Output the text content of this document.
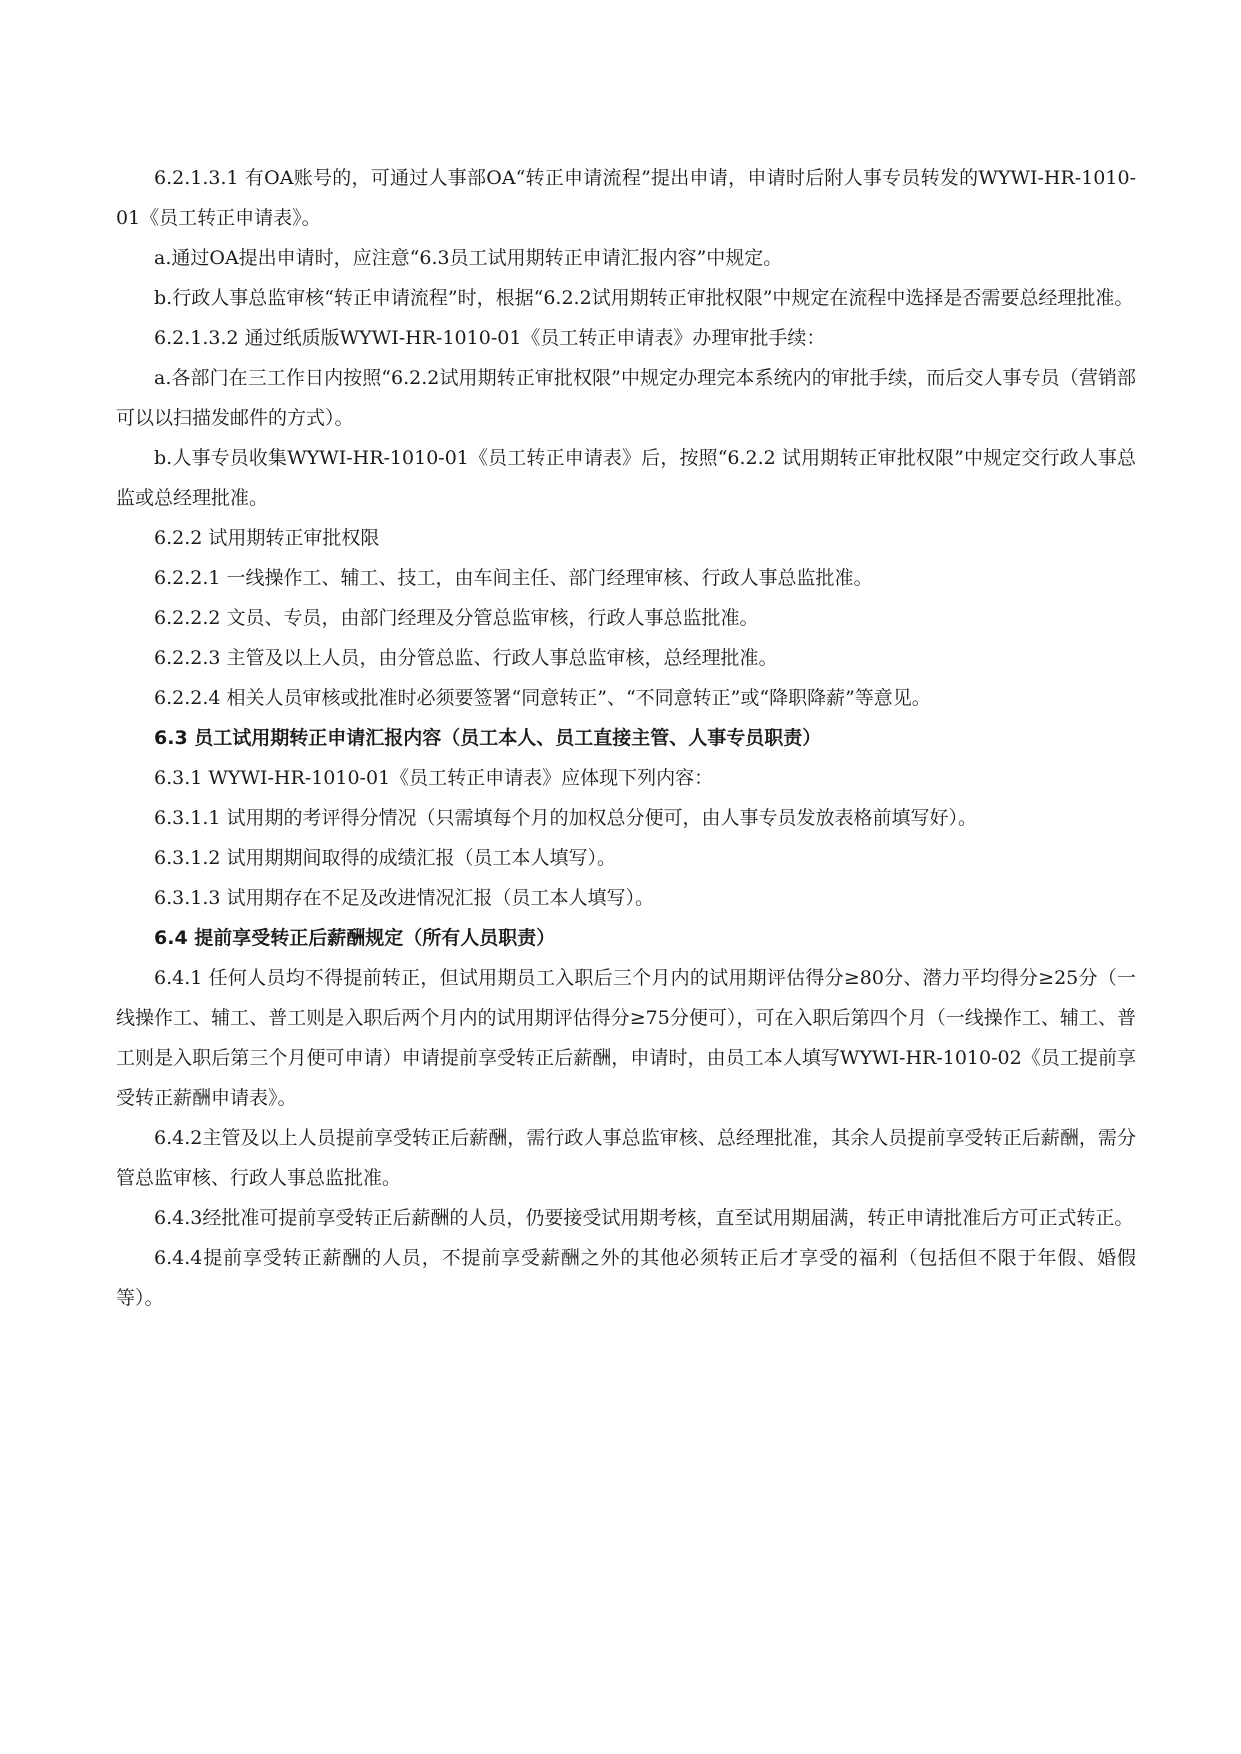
6.2.1.3.1 有OA账号的，可通过人事部OA“转正申请流程”提出申请，申请时后附人事专员转发的WYWI-HR-1010-01《员工转正申请表》。

a.通过OA提出申请时，应注意“6.3员工试用期转正申请汇报内容”中规定。

b.行政人事总监审核“转正申请流程”时，根据“6.2.2试用期转正审批权限”中规定在流程中选择是否需要总经理批准。

6.2.1.3.2 通过纸质版WYWI-HR-1010-01《员工转正申请表》办理审批手续：

a.各部门在三工作日内按照“6.2.2试用期转正审批权限”中规定办理完本系统内的审批手续，而后交人事专员（营销部可以以扫描发邮件的方式）。

b.人事专员收集WYWI-HR-1010-01《员工转正申请表》后，按照“6.2.2 试用期转正审批权限”中规定交行政人事总监或总经理批准。

6.2.2 试用期转正审批权限

6.2.2.1 一线操作工、辅工、技工，由车间主任、部门经理审核、行政人事总监批准。

6.2.2.2 文员、专员，由部门经理及分管总监审核，行政人事总监批准。

6.2.2.3 主管及以上人员，由分管总监、行政人事总监审核，总经理批准。

6.2.2.4 相关人员审核或批准时必须要签署“同意转正”、“不同意转正”或“降职降薪”等意见。

6.3 员工试用期转正申请汇报内容（员工本人、员工直接主管、人事专员职责）

6.3.1 WYWI-HR-1010-01《员工转正申请表》应体现下列内容：

6.3.1.1 试用期的考评得分情况（只需填每个月的加权总分便可，由人事专员发放表格前填写好）。

6.3.1.2 试用期期间取得的成绩汇报（员工本人填写）。

6.3.1.3 试用期存在不足及改进情况汇报（员工本人填写）。

6.4 提前享受转正后薪酬规定（所有人员职责）

6.4.1 任何人员均不得提前转正，但试用期员工入职后三个月内的试用期评估得分≥80分、潜力平均得分≥25分（一线操作工、辅工、普工则是入职后两个月内的试用期评估得分≥75分便可），可在入职后第四个月（一线操作工、辅工、普工则是入职后第三个月便可申请）申请提前享受转正后薪酬，申请时，由员工本人填写WYWI-HR-1010-02《员工提前享受转正薪酬申请表》。

6.4.2主管及以上人员提前享受转正后薪酬，需行政人事总监审核、总经理批准，其余人员提前享受转正后薪酬，需分管总监审核、行政人事总监批准。

6.4.3经批准可提前享受转正后薪酬的人员，仍要接受试用期考核，直至试用期届满，转正申请批准后方可正式转正。

6.4.4提前享受转正薪酬的人员，不提前享受薪酬之外的其他必须转正后才享受的福利（包括但不限于年假、婚假等）。
